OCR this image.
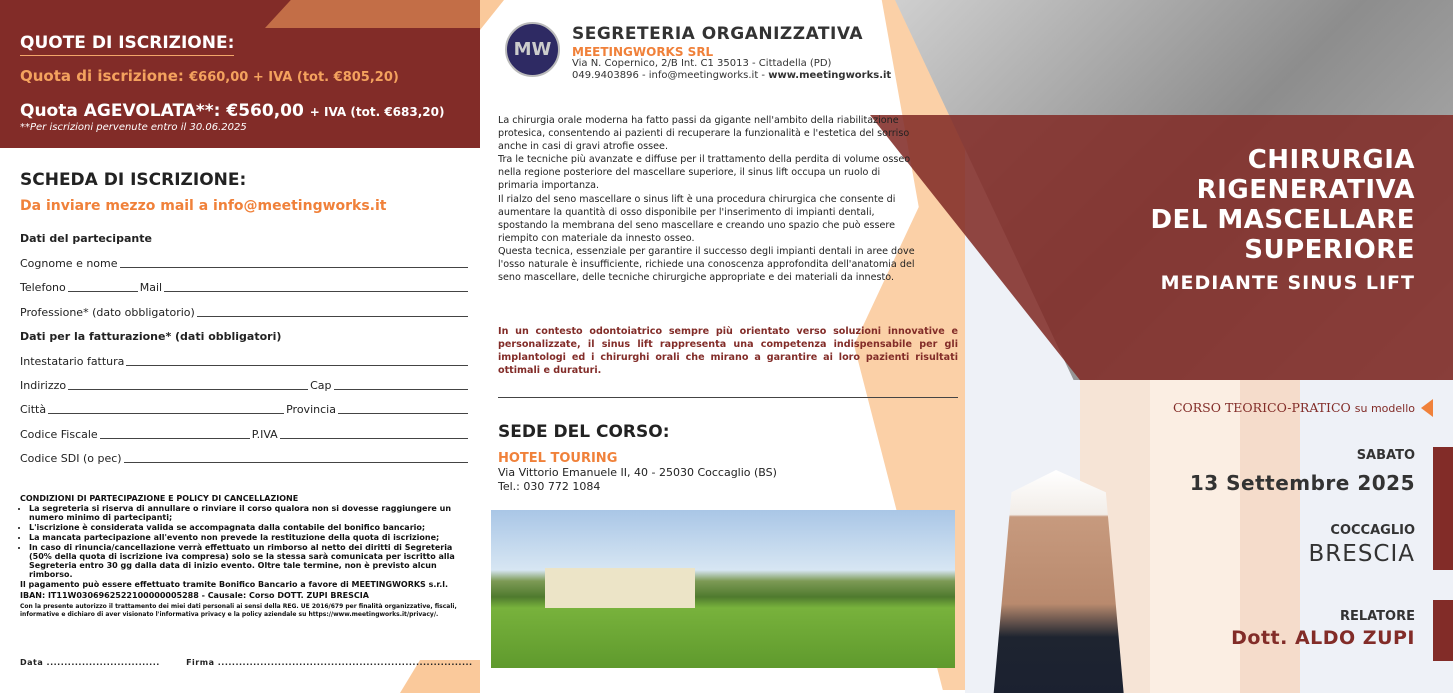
QUOTE DI ISCRIZIONE:
Quota di iscrizione: €660,00 + IVA (tot. €805,20)
Quota AGEVOLATA**: €560,00 + IVA (tot. €683,20)
**Per iscrizioni pervenute entro il 30.06.2025
SCHEDA DI ISCRIZIONE:
Da inviare mezzo mail a info@meetingworks.it
Dati del partecipante
Cognome e nome
Telefono	Mail
Professione* (dato obbligatorio)
Dati per la fatturazione* (dati obbligatori)
Intestatario fattura
Indirizzo	Cap
Città	Provincia
Codice Fiscale	P.IVA
Codice SDI (o pec)
CONDIZIONI DI PARTECIPAZIONE E POLICY DI CANCELLAZIONE
• La segreteria si riserva di annullare o rinviare il corso qualora non si dovesse raggiungere un numero minimo di partecipanti;
• L'iscrizione è considerata valida se accompagnata dalla contabile del bonifico bancario;
• La mancata partecipazione all'evento non prevede la restituzione della quota di iscrizione;
• In caso di rinuncia/cancellazione verrà effettuato un rimborso al netto dei diritti di Segreteria (50% della quota di iscrizione iva compresa) solo se la stessa sarà comunicata per iscritto alla Segreteria entro 30 gg dalla data di inizio evento. Oltre tale termine, non è previsto alcun rimborso.
Il pagamento può essere effettuato tramite Bonifico Bancario a favore di MEETINGWORKS s.r.l.
IBAN: IT11W0306962522100000005288 - Causale: Corso DOTT. ZUPI BRESCIA
Con la presente autorizzo il trattamento dei miei dati personali ai sensi della REG. UE 2016/679 per finalità organizzative, fiscali, informative e dichiaro di aver visionato l'informativa privacy e la policy aziendale su https://www.meetingworks.it/privacy/.
Data ................................	Firma ........................................................................
MW
SEGRETERIA ORGANIZZATIVA
MEETINGWORKS SRL
Via N. Copernico, 2/B Int. C1 35013 - Cittadella (PD)
049.9403896 - info@meetingworks.it - www.meetingworks.it

La chirurgia orale moderna ha fatto passi da gigante nell'ambito della riabilitazione protesica, consentendo ai pazienti di recuperare la funzionalità e l'estetica del sorriso anche in casi di gravi atrofie ossee.

Tra le tecniche più avanzate e diffuse per il trattamento della perdita di volume osseo nella regione posteriore del mascellare superiore, il sinus lift occupa un ruolo di primaria importanza.

Il rialzo del seno mascellare o sinus lift è una procedura chirurgica che consente di aumentare la quantità di osso disponibile per l'inserimento di impianti dentali, spostando la membrana del seno mascellare e creando uno spazio che può essere riempito con materiale da innesto osseo.

Questa tecnica, essenziale per garantire il successo degli impianti dentali in aree dove l'osso naturale è insufficiente, richiede una conoscenza approfondita dell'anatomia del seno mascellare, delle tecniche chirurgiche appropriate e dei materiali da innesto.

In un contesto odontoiatrico sempre più orientato verso soluzioni innovative e personalizzate, il sinus lift rappresenta una competenza indispensabile per gli implantologi ed i chirurghi orali che mirano a garantire ai loro pazienti risultati ottimali e duraturi.
SEDE DEL CORSO:
HOTEL TOURING
Via Vittorio Emanuele II, 40 - 25030 Coccaglio (BS)
Tel.: 030 772 1084
CHIRURGIA
RIGENERATIVA
DEL MASCELLARE
SUPERIORE
MEDIANTE SINUS LIFT
CORSO TEORICO-PRATICO su modello
SABATO
13 Settembre 2025
COCCAGLIO
BRESCIA
RELATORE
Dott. ALDO ZUPI
